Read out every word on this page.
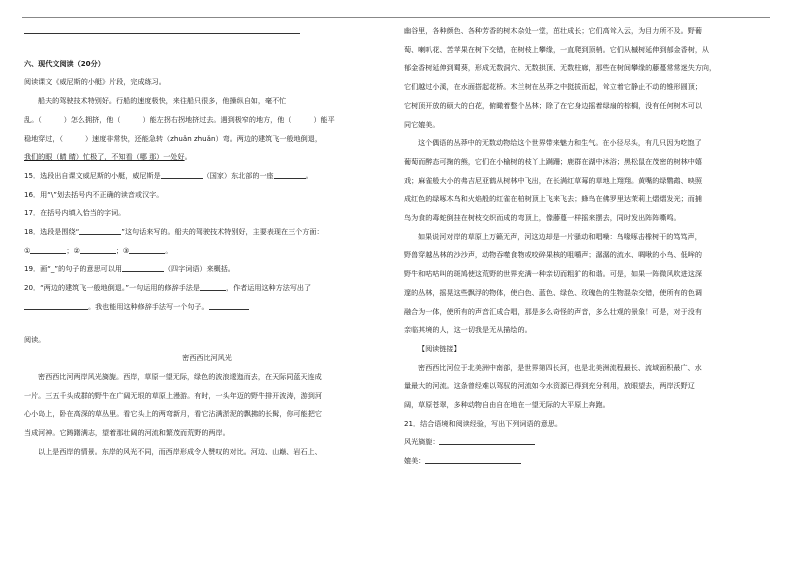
六、现代文阅读（20分）

阅读课文《威尼斯的小艇》片段，完成练习。

船夫的驾驶技术特别好。行船的速度极快，来往船只很多，他操纵自如，毫不忙

乱。（	）怎么拥挤，他（	）能左拐右拐地挤过去。遇到极窄的地方，他（	）能平

稳地穿过，（	）速度非常快，还能急转（zhuǎn zhuǎn）弯。两边的建筑飞一般地倒退，

我们的眼（睛 睛）忙极了，不知看（哪 那）一处好。

15．选段出自课文威尼斯的小艇，威尼斯是	（国家）东北部的一座	。

16．用“\”划去括号内不正确的读音或汉字。

17．在括号内填入恰当的字词。

18．选段是围绕“	”这句话来写的。船夫的驾驶技术特别好，主要表现在三个方面：

①	；②	；③	。

19．画“_”的句子的意思可以用	（四字词语）来概括。

20．“两边的建筑飞一般地倒退。”一句运用的修辞手法是	，作者运用这种方法写出了

。我也能用这种修辞手法写一个句子。

阅读。

密西西比河风光

密西西比河两岸风光旖旎。西岸，草原一望无际，绿色的波浪逶迤而去，在天际同蓝天连成

一片。三五千头成群的野牛在广阔无垠的草原上漫游。有时，一头年迈的野牛排开波涛，游到河

心小岛上，卧在高深的草丛里。看它头上的两弯新月，看它沾满淤泥的飘拂的长髯，你可能把它

当成河神。它踌躇满志，望着那壮阔的河流和繁茂而荒野的两岸。

以上是西岸的情景。东岸的风光不同，而西岸形成令人赞叹的对比。河边、山巅、岩石上、

幽谷里，各种颜色、各种芳香的树木杂处一堂，茁壮成长；它们高耸入云，为目力所不及。野葡

萄、喇叭花、苦苹果在树下交错，在树枝上攀缘，一直爬到顶梢。它们从槭树延伸到郁金香树，从

郁金香树延伸到蜀葵，形成无数洞穴、无数拱顶、无数柱廊，那些在树间攀缘的藤蔓常常迷失方向，

它们越过小溪，在水面搭起花桥。木兰树在丛莽之中挺拔而起，耸立着它静止不动的锥形圆顶；

它树顶开放的硕大的白花，俯瞰着整个丛林；除了在它身边摇着绿扇的棕榈，没有任何树木可以

同它媲美。

这个偶语的丛莽中的无数动物给这个世界带来魅力和生气。在小径尽头，有几只因为吃饱了

葡萄而醉态可掬的熊，它们在小榆树的枝丫上蹒跚；鹿群在湖中沐浴；黑松鼠在茂密的树林中嬉

戏；麻雀般大小的弗吉尼亚鹤从树林中飞出，在长满红草莓的草地上翔翔。黄嘴的绿鹦鹉、映照

成红色的绿啄木鸟和火焰般的红雀在柏树顶上飞来飞去；蜂鸟在佛罗里达茉莉上熠熠发光；而捕

鸟为食的毒蛇倒挂在树枝交织而成的弯顶上，像藤蔓一样摇来摆去，同时发出阵阵嘶鸣。

如果说河对岸的草原上万籁无声，河这边却是一片骚动和唱噪：鸟喙啄击橡树干的笃笃声，

野兽穿越丛林的沙沙声，动物吞噬食物或咬碎果核的咀嚼声；潺潺的流水、啁啾的小鸟、低哞的

野牛和咕咕叫的斑鸠使这荒野的世界充满一种亲切而粗犷的和谐。可是，如果一阵微风吹进这深

邃的丛林，摇晃这些飘浮的物体，使白色、蓝色、绿色、玫瑰色的生物混杂交错，使所有的色调

融合为一体，使所有的声音汇成合唱，那是多么奇怪的声音，多么壮观的景象！可是，对于没有

亲临其境的人，这一切我是无从描绘的。

【阅读链接】

密西西比河位于北美洲中南部，是世界第四长河，也是北美洲流程最长、流域面积最广、水

量最大的河流。这条曾经难以驾驭的河流如今水资源已得到充分利用，放眼望去，两岸沃野辽

阔，草原苍翠，多种动物自由自在地在一望无际的大平原上奔跑。

21．结合语境和阅读经验，写出下列词语的意思。

风光旖旎：

媲美：
